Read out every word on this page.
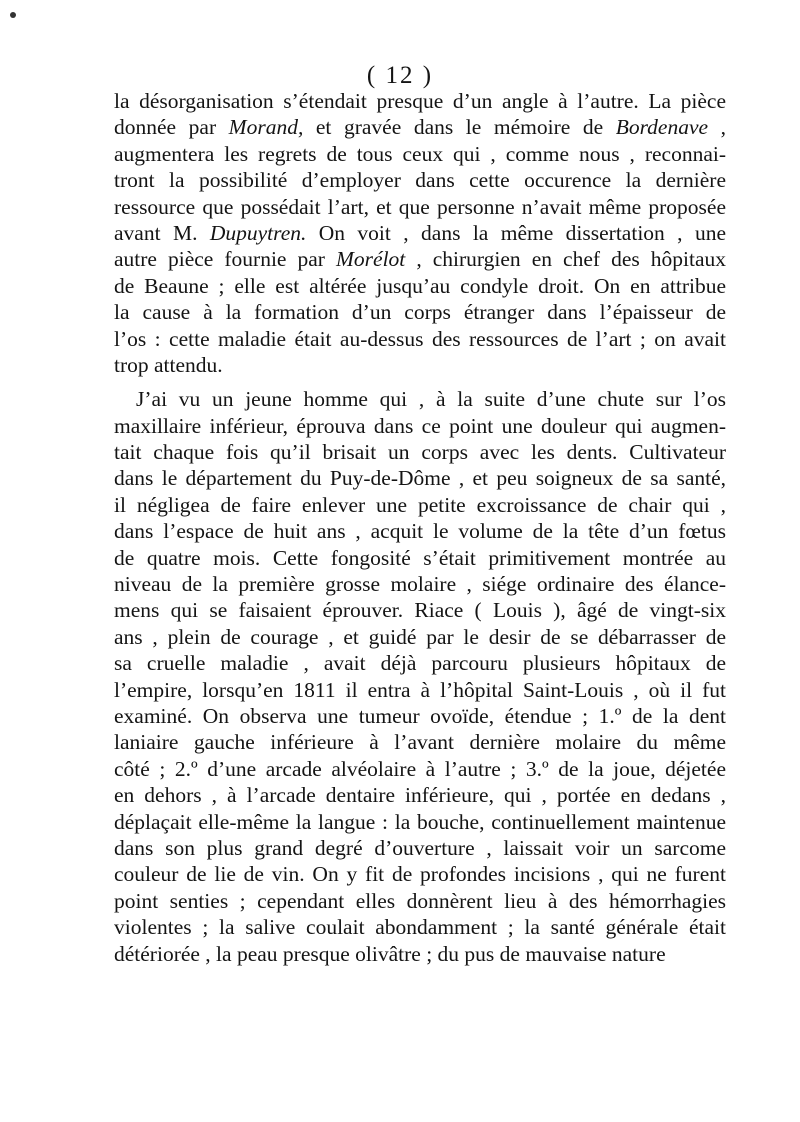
( 12 )
la désorganisation s’étendait presque d’un angle à l’autre. La pièce
donnée par Morand, et gravée dans le mémoire de Bordenave ,
augmentera les regrets de tous ceux qui , comme nous , reconnai-
tront la possibilité d’employer dans cette occurence la dernière
ressource que possédait l’art, et que personne n’avait même proposée
avant M. Dupuytren. On voit , dans la même dissertation , une
autre pièce fournie par Morélot , chirurgien en chef des hôpitaux
de Beaune ; elle est altérée jusqu’au condyle droit. On en attribue
la cause à la formation d’un corps étranger dans l’épaisseur de
l’os : cette maladie était au-dessus des ressources de l’art ; on avait
trop attendu.
J’ai vu un jeune homme qui , à la suite d’une chute sur l’os
maxillaire inférieur, éprouva dans ce point une douleur qui augmen-
tait chaque fois qu’il brisait un corps avec les dents. Cultivateur
dans le département du Puy-de-Dôme , et peu soigneux de sa santé,
il négligea de faire enlever une petite excroissance de chair qui ,
dans l’espace de huit ans , acquit le volume de la tête d’un fœtus
de quatre mois. Cette fongosité s’était primitivement montrée au
niveau de la première grosse molaire , siége ordinaire des élance-
mens qui se faisaient éprouver. Riace ( Louis ), âgé de vingt-six
ans , plein de courage , et guidé par le desir de se débarrasser de
sa cruelle maladie , avait déjà parcouru plusieurs hôpitaux de
l’empire, lorsqu’en 1811 il entra à l’hôpital Saint-Louis , où il fut
examiné. On observa une tumeur ovoïde, étendue ; 1.º de la dent
laniaire gauche inférieure à l’avant dernière molaire du même
côté ; 2.º d’une arcade alvéolaire à l’autre ; 3.º de la joue, déjetée
en dehors , à l’arcade dentaire inférieure, qui , portée en dedans ,
déplaçait elle-même la langue : la bouche, continuellement maintenue
dans son plus grand degré d’ouverture , laissait voir un sarcome
couleur de lie de vin. On y fit de profondes incisions , qui ne furent
point senties ; cependant elles donnèrent lieu à des hémorrhagies
violentes ; la salive coulait abondamment ; la santé générale était
détériorée , la peau presque olivâtre ; du pus de mauvaise nature
